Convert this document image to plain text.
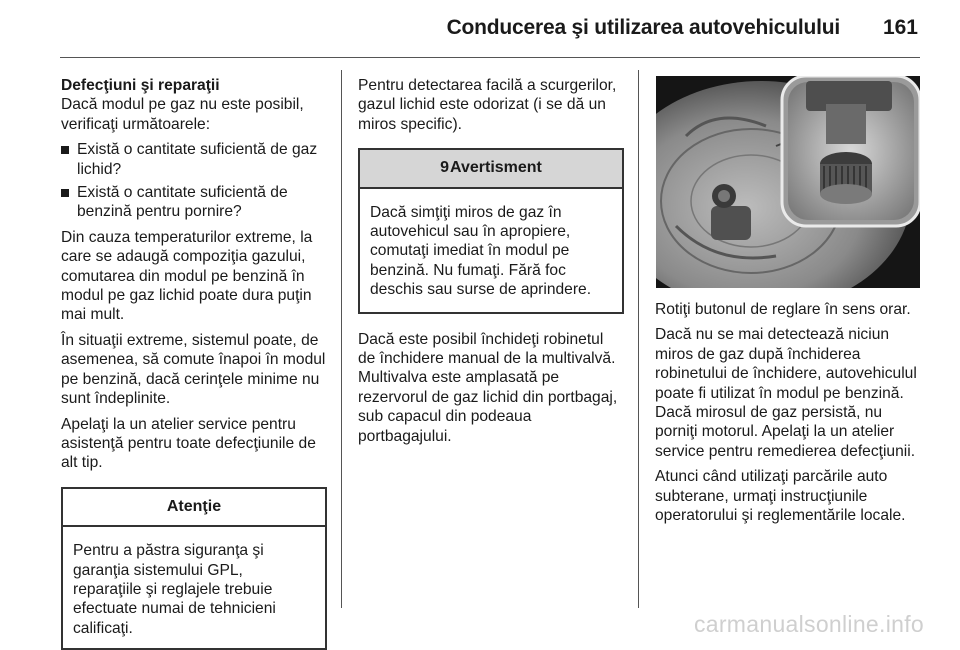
Conducerea şi utilizarea autovehiculului 161

Defecţiuni şi reparaţii

Dacă modul pe gaz nu este posibil, verificaţi următoarele:

Există o cantitate suficientă de gaz lichid?
Există o cantitate suficientă de benzină pentru pornire?

Din cauza temperaturilor extreme, la care se adaugă compoziţia gazului, comutarea din modul pe benzină în modul pe gaz lichid poate dura puţin mai mult.

În situaţii extreme, sistemul poate, de asemenea, să comute înapoi în modul pe benzină, dacă cerinţele minime nu sunt îndeplinite.

Apelaţi la un atelier service pentru asistenţă pentru toate defecţiunile de alt tip.

Atenţie
Pentru a păstra siguranţa şi garanţia sistemului GPL, reparaţiile şi reglajele trebuie efectuate numai de tehnicieni calificaţi.

Pentru detectarea facilă a scurgerilor, gazul lichid este odorizat (i se dă un miros specific).

9Avertisment
Dacă simţiţi miros de gaz în autovehicul sau în apropiere, comutaţi imediat în modul pe benzină. Nu fumaţi. Fără foc deschis sau surse de aprindere.

Dacă este posibil închideţi robinetul de închidere manual de la multivalvă. Multivalva este amplasată pe rezervorul de gaz lichid din portbagaj, sub capacul din podeaua portbagajului.

Rotiţi butonul de reglare în sens orar.

Dacă nu se mai detectează niciun miros de gaz după închiderea robinetului de închidere, autovehiculul poate fi utilizat în modul pe benzină. Dacă mirosul de gaz persistă, nu porniţi motorul. Apelaţi la un atelier service pentru remedierea defecţiunii.

Atunci când utilizaţi parcările auto subterane, urmaţi instrucţiunile operatorului şi reglementările locale.

carmanualsonline.info
